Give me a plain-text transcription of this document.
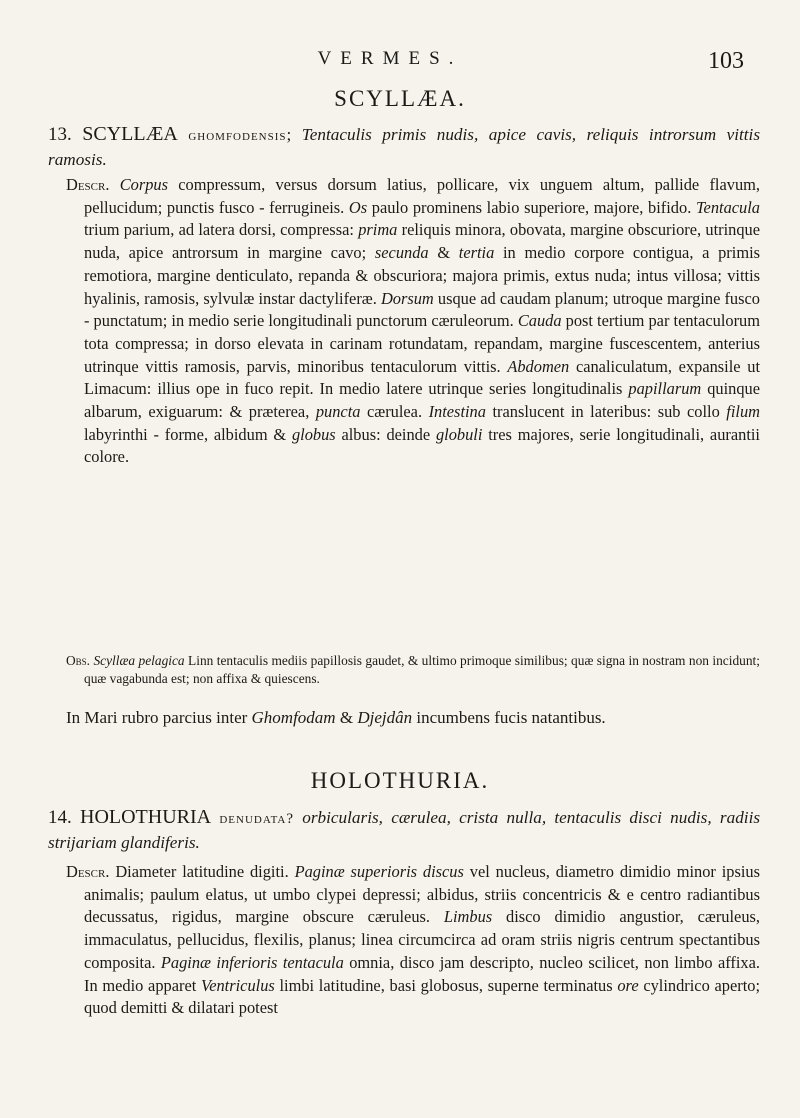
VERMES.	103
SCYLLÆA.
13. SCYLLÆA ghomfodensis; Tentaculis primis nudis, apice cavis, reliquis introrsum vittis ramosis.

Descr. Corpus compressum, versus dorsum latius, pollicare, vix unguem altum, pallide flavum, pellucidum; punctis fusco - ferrugineis. Os paulo prominens labio superiore, majore, bifido. Tentacula trium parium, ad latera dorsi, compressa: prima reliquis minora, obovata, margine obscuriore, utrinque nuda, apice antrorsum in margine cavo; secunda & tertia in medio corpore contigua, a primis remotiora, margine denticulato, repanda & obscuriora; majora primis, extus nuda; intus villosa; vittis hyalinis, ramosis, sylvulæ instar dactyliferæ. Dorsum usque ad caudam planum; utroque margine fusco - punctatum; in medio serie longitudinali punctorum cæruleorum. Cauda post tertium par tentaculorum tota compressa; in dorso elevata in carinam rotundatam, repandam, margine fuscescentem, anterius utrinque vittis ramosis, parvis, minoribus tentaculorum vittis. Abdomen canaliculatum, expansile ut Limacum: illius ope in fuco repit. In medio latere utrinque series longitudinalis papillarum quinque albarum, exiguarum: & præterea, puncta cærulea. Intestina translucent in lateribus: sub collo filum labyrinthi - forme, albidum & globus albus: deinde globuli tres majores, serie longitudinali, aurantii colore.

Obs. Scyllæa pelagica Linn tentaculis mediis papillosis gaudet, & ultimo primoque similibus; quæ signa in nostram non incidunt; quæ vagabunda est; non affixa & quiescens.

In Mari rubro parcius inter Ghomfodam & Djejdân incumbens fucis natantibus.

HOLOTHURIA.
14. HOLOTHURIA denudata? orbicularis, cærulea, crista nulla, tentaculis disci nudis, radiis strijariam glandiferis.

Descr. Diameter latitudine digiti. Paginæ superioris discus vel nucleus, diametro dimidio minor ipsius animalis; paulum elatus, ut umbo clypei depressi; albidus, striis concentricis & e centro radiantibus decussatus, rigidus, margine obscure cæruleus. Limbus disco dimidio angustior, cæruleus, immaculatus, pellucidus, flexilis, planus; linea circumcirca ad oram striis nigris centrum spectantibus composita. Paginæ inferioris tentacula omnia, disco jam descripto, nucleo scilicet, non limbo affixa. In medio apparet Ventriculus limbi latitudine, basi globosus, superne terminatus ore cylindrico aperto; quod demitti & dilatari potest
